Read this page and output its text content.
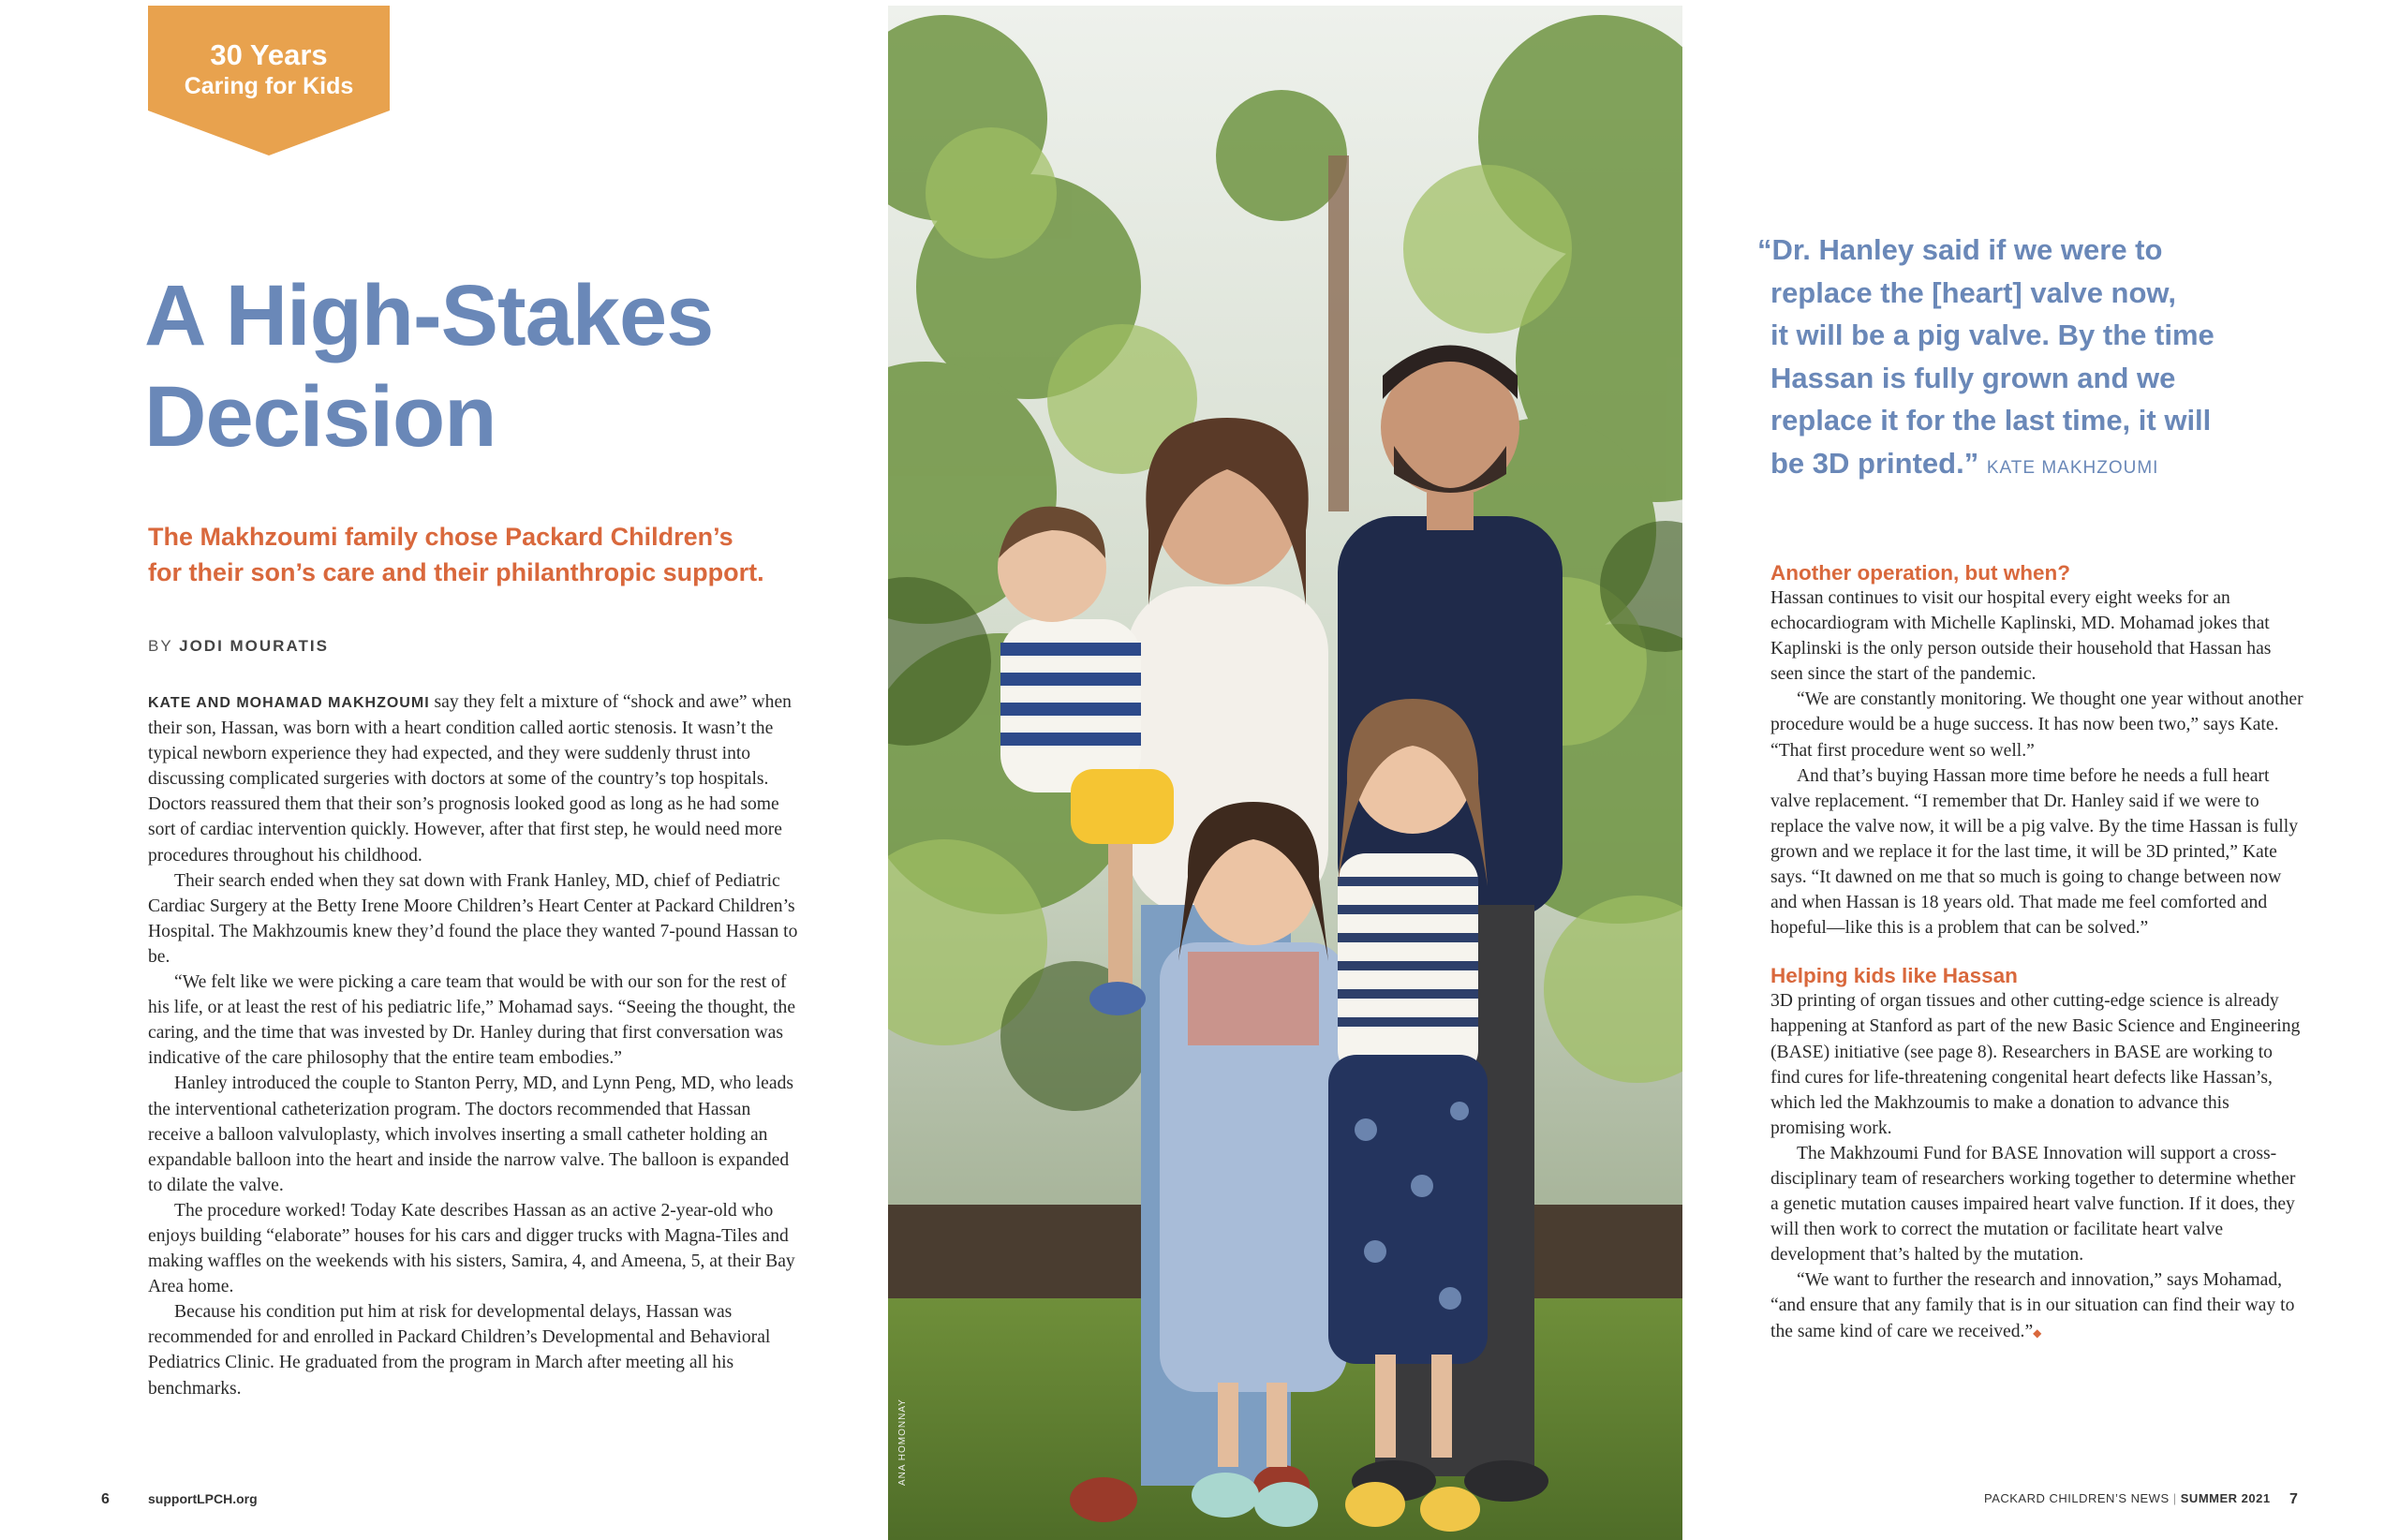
30 Years
Caring for Kids
A High-Stakes
Decision
The Makhzoumi family chose Packard Children’s
for their son’s care and their philanthropic support.
BY JODI MOURATIS

KATE AND MOHAMAD MAKHZOUMI say they felt a mixture of “shock and awe” when their son, Hassan, was born with a heart condition called aortic stenosis. It wasn’t the typical newborn experience they had expected, and they were suddenly thrust into discussing complicated surgeries with doctors at some of the country’s top hospitals. Doctors reassured them that their son’s prognosis looked good as long as he had some sort of cardiac intervention quickly. However, after that first step, he would need more procedures throughout his childhood.

Their search ended when they sat down with Frank Hanley, MD, chief of Pediatric Cardiac Surgery at the Betty Irene Moore Children’s Heart Center at Packard Children’s Hospital. The Makhzoumis knew they’d found the place they wanted 7-pound Hassan to be.

“We felt like we were picking a care team that would be with our son for the rest of his life, or at least the rest of his pediatric life,” Mohamad says. “Seeing the thought, the caring, and the time that was invested by Dr. Hanley during that first conversation was indicative of the care philosophy that the entire team embodies.”

Hanley introduced the couple to Stanton Perry, MD, and Lynn Peng, MD, who leads the interventional catheterization program. The doctors recommended that Hassan receive a balloon valvuloplasty, which involves inserting a small catheter holding an expandable balloon into the heart and inside the narrow valve. The balloon is expanded to dilate the valve.

The procedure worked! Today Kate describes Hassan as an active 2-year-old who enjoys building “elaborate” houses for his cars and digger trucks with Magna-Tiles and making waffles on the weekends with his sisters, Samira, 4, and Ameena, 5, at their Bay Area home.

Because his condition put him at risk for developmental delays, Hassan was recommended for and enrolled in Packard Children’s Developmental and Behavioral Pediatrics Clinic. He graduated from the program in March after meeting all his benchmarks.

6	supportLPCH.org
ANA HOMONNAY
“Dr. Hanley said if we were to
replace the [heart] valve now,
it will be a pig valve. By the time
Hassan is fully grown and we
replace it for the last time, it will
be 3D printed.” KATE MAKHZOUMI
Another operation, but when?

Hassan continues to visit our hospital every eight weeks for an echocardiogram with Michelle Kaplinski, MD. Mohamad jokes that Kaplinski is the only person outside their household that Hassan has seen since the start of the pandemic.

“We are constantly monitoring. We thought one year without another procedure would be a huge success. It has now been two,” says Kate. “That first procedure went so well.”

And that’s buying Hassan more time before he needs a full heart valve replacement. “I remember that Dr. Hanley said if we were to replace the valve now, it will be a pig valve. By the time Hassan is fully grown and we replace it for the last time, it will be 3D printed,” Kate says. “It dawned on me that so much is going to change between now and when Hassan is 18 years old. That made me feel comforted and hopeful—like this is a problem that can be solved.”

Helping kids like Hassan

3D printing of organ tissues and other cutting-edge science is already happening at Stanford as part of the new Basic Science and Engineering (BASE) initiative (see page 8). Researchers in BASE are working to find cures for life-threatening congenital heart defects like Hassan’s, which led the Makhzoumis to make a donation to advance this promising work.

The Makhzoumi Fund for BASE Innovation will support a cross-disciplinary team of researchers working together to determine whether a genetic mutation causes impaired heart valve function. If it does, they will then work to correct the mutation or facilitate heart valve development that’s halted by the mutation.

“We want to further the research and innovation,” says Mohamad, “and ensure that any family that is in our situation can find their way to the same kind of care we received.”◆

PACKARD CHILDREN’S NEWS | SUMMER 2021 7
